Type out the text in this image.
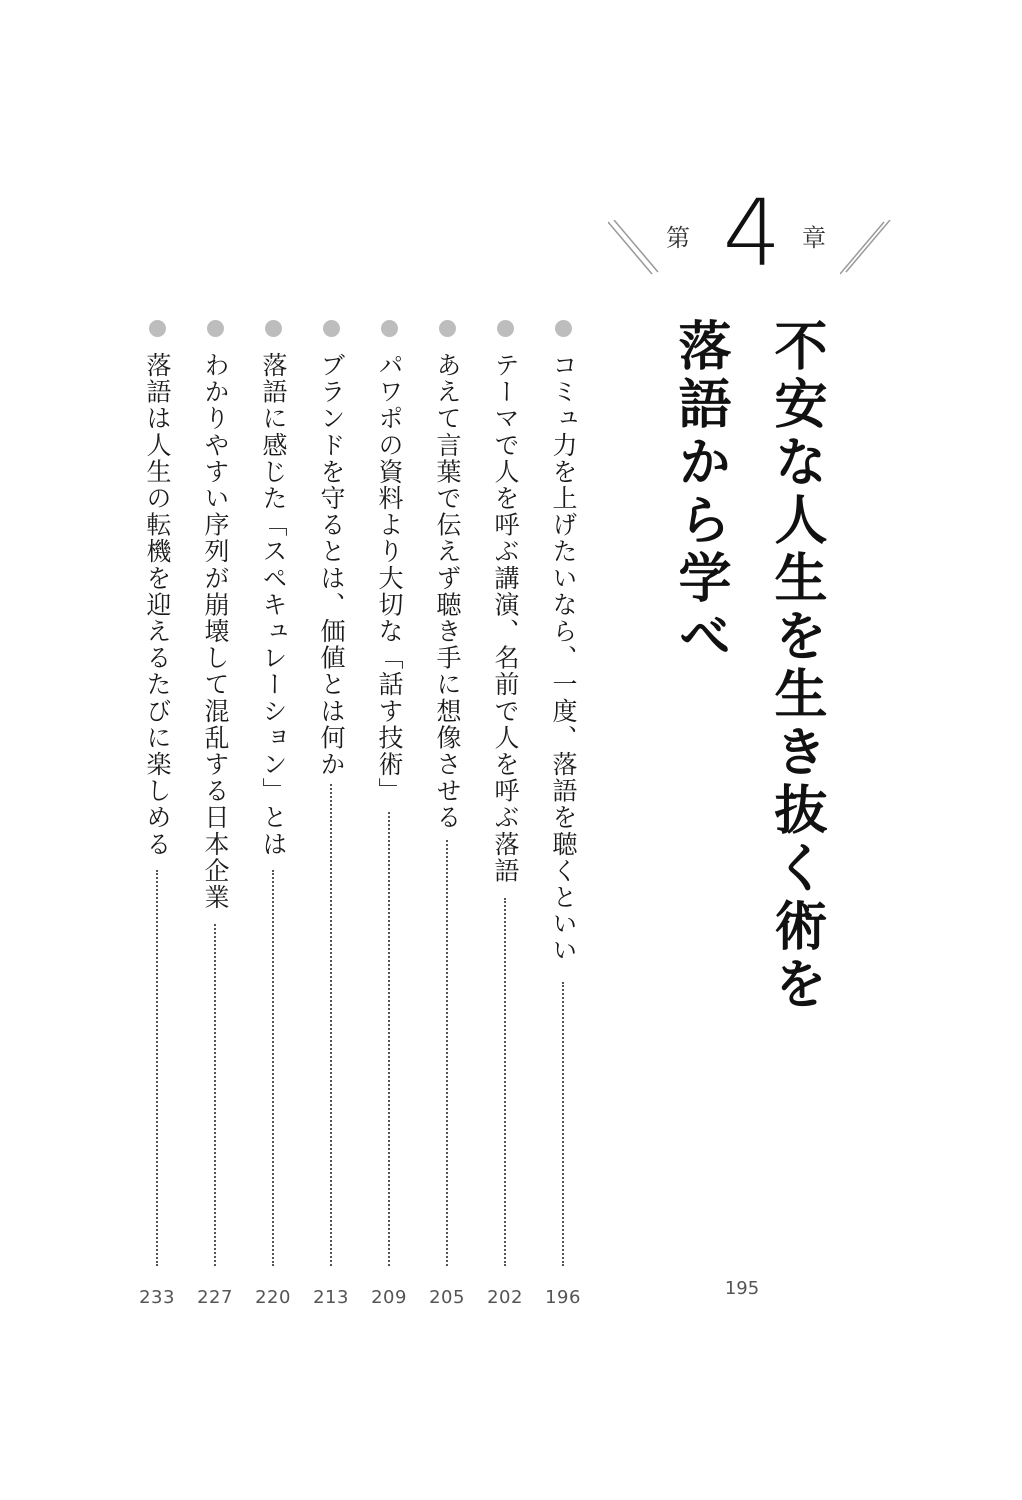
第 4 章
不安な人生を生き抜く術を
落語から学べ
コミュ力を上げたいなら、一度、落語を聴くといい
196
テーマで人を呼ぶ講演、名前で人を呼ぶ落語
202
あえて言葉で伝えず聴き手に想像させる
205
パワポの資料より大切な「話す技術」
209
ブランドを守るとは、価値とは何か
213
落語に感じた「スペキュレーション」とは
220
わかりやすい序列が崩壊して混乱する日本企業
227
落語は人生の転機を迎えるたびに楽しめる
233	195
